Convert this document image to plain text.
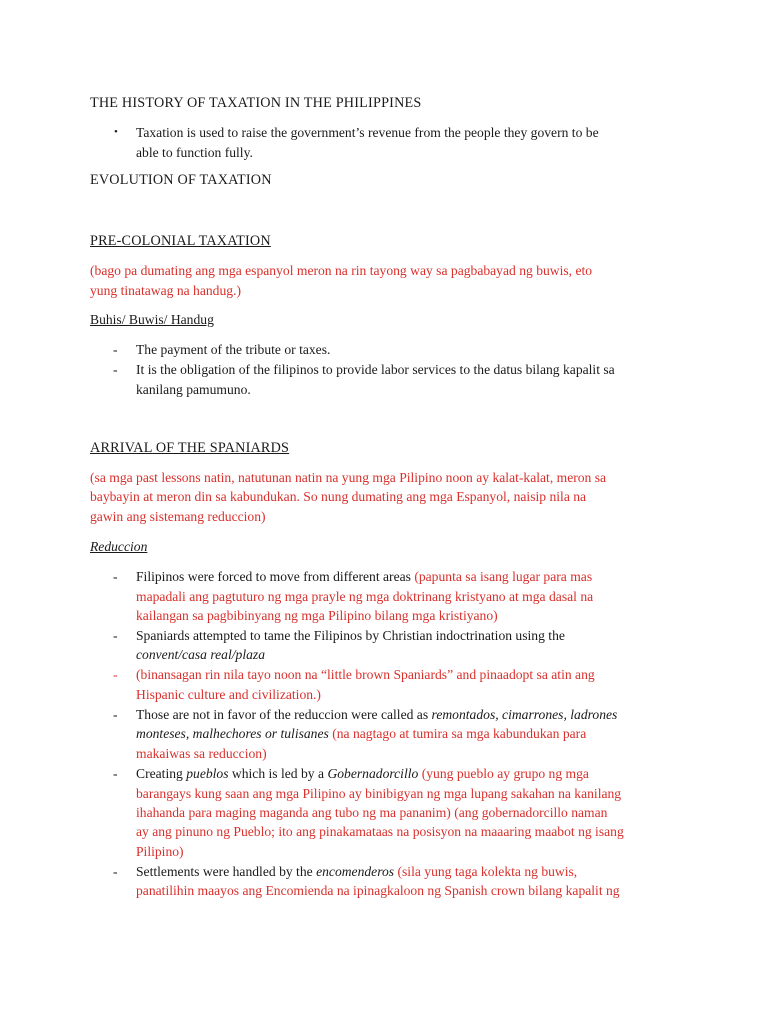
THE HISTORY OF TAXATION IN THE PHILIPPINES
• Taxation is used to raise the government’s revenue from the people they govern to be
able to function fully.
EVOLUTION OF TAXATION
PRE-COLONIAL TAXATION
(bago pa dumating ang mga espanyol meron na rin tayong way sa pagbabayad ng buwis, eto
yung tinatawag na handug.)
Buhis/ Buwis/ Handug
- The payment of the tribute or taxes.
- It is the obligation of the filipinos to provide labor services to the datus bilang kapalit sa
kanilang pamumuno.
ARRIVAL OF THE SPANIARDS
(sa mga past lessons natin, natutunan natin na yung mga Pilipino noon ay kalat-kalat, meron sa
baybayin at meron din sa kabundukan. So nung dumating ang mga Espanyol, naisip nila na
gawin ang sistemang reduccion)
Reduccion
- Filipinos were forced to move from different areas (papunta sa isang lugar para mas
mapadali ang pagtuturo ng mga prayle ng mga doktrinang kristyano at mga dasal na
kailangan sa pagbibinyang ng mga Pilipino bilang mga kristiyano)
- Spaniards attempted to tame the Filipinos by Christian indoctrination using the
convent/casa real/plaza
- (binansagan rin nila tayo noon na “little brown Spaniards” and pinaadopt sa atin ang
Hispanic culture and civilization.)
- Those are not in favor of the reduccion were called as remontados, cimarrones, ladrones
monteses, malhechores or tulisanes (na nagtago at tumira sa mga kabundukan para
makaiwas sa reduccion)
- Creating pueblos which is led by a Gobernadorcillo (yung pueblo ay grupo ng mga
barangays kung saan ang mga Pilipino ay binibigyan ng mga lupang sakahan na kanilang
ihahanda para maging maganda ang tubo ng ma pananim) (ang gobernadorcillo naman
ay ang pinuno ng Pueblo; ito ang pinakamataas na posisyon na maaaring maabot ng isang
Pilipino)
- Settlements were handled by the encomenderos (sila yung taga kolekta ng buwis,
panatilihin maayos ang Encomienda na ipinagkaloon ng Spanish crown bilang kapalit ng
